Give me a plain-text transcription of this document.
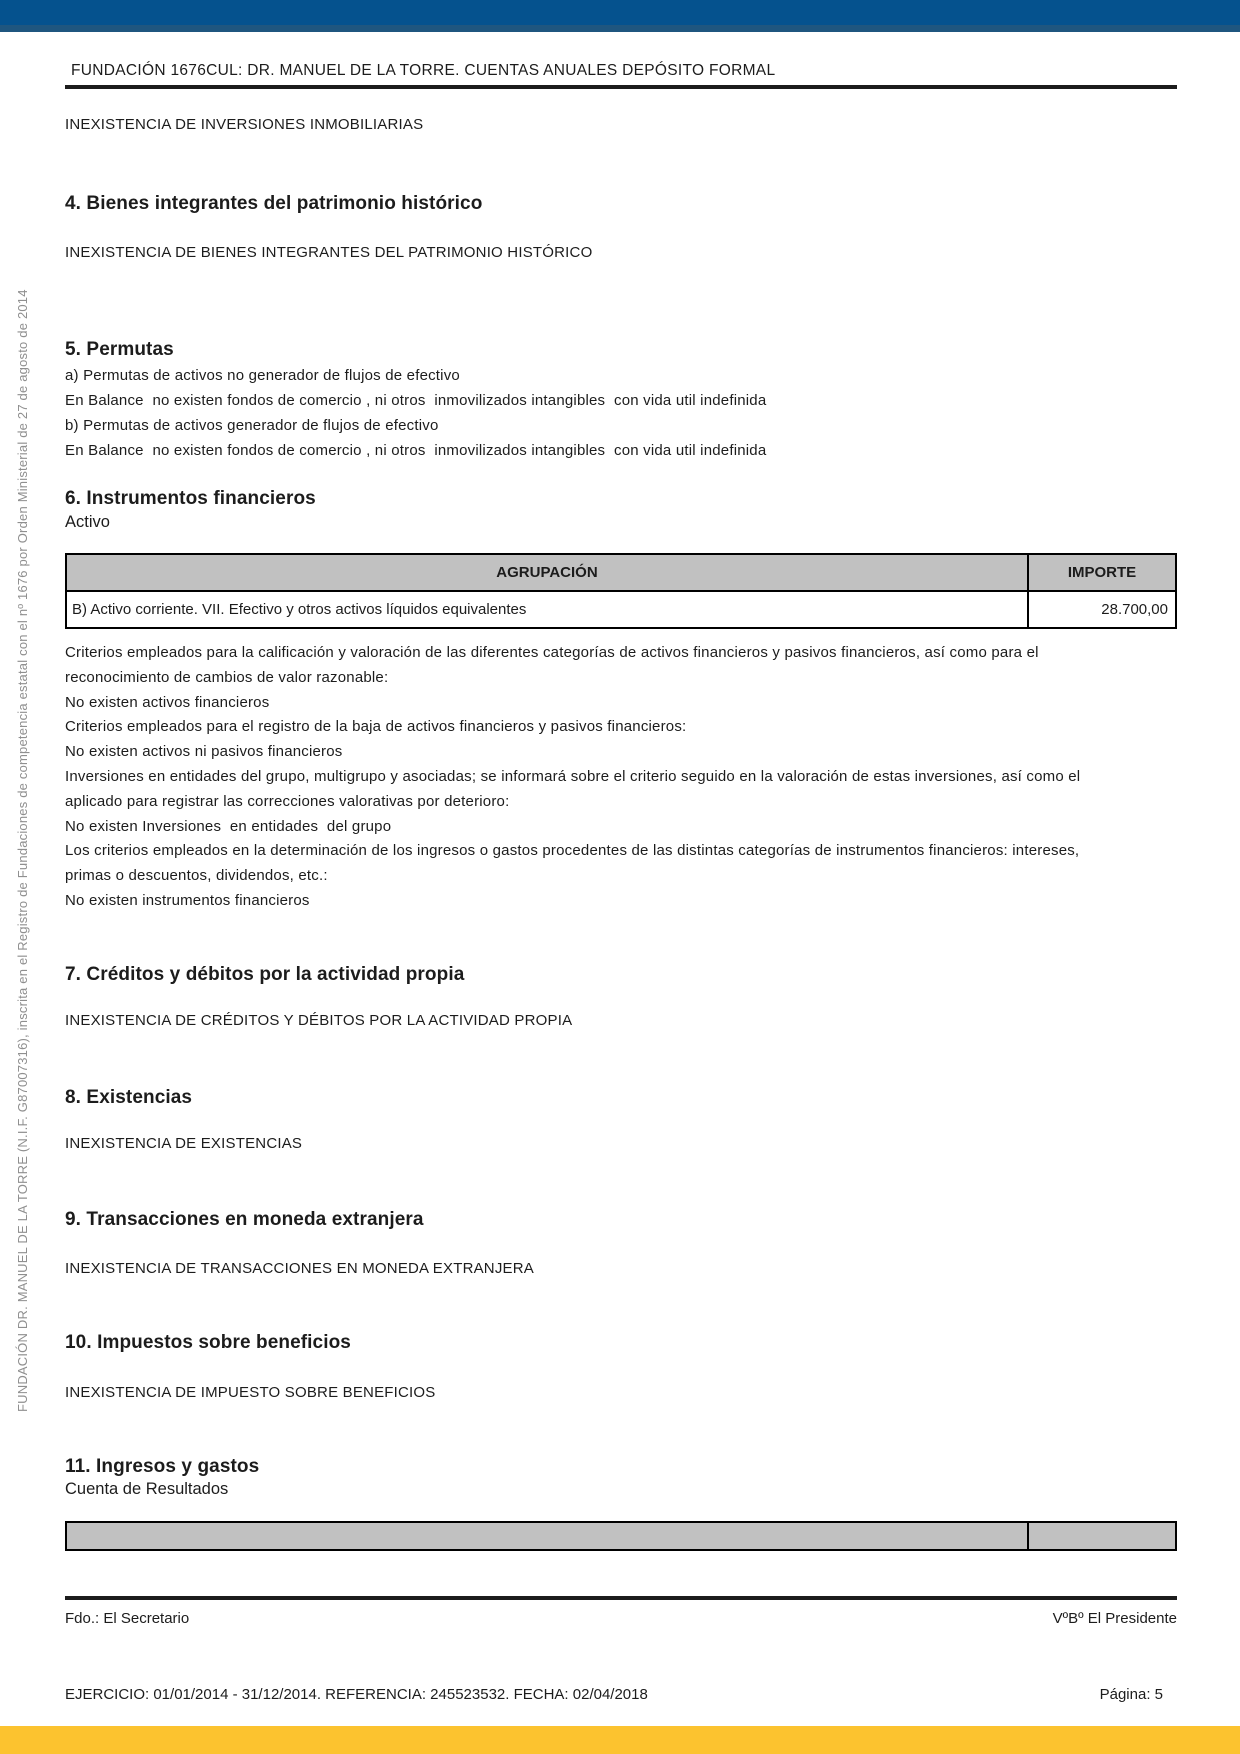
FUNDACIÓN DR. MANUEL DE LA TORRE (N.I.F. G87007316), inscrita en el Registro de Fundaciones de competencia estatal con el nº 1676 por Orden Ministerial de 27 de agosto de 2014
FUNDACIÓN 1676CUL: DR. MANUEL DE LA TORRE. CUENTAS ANUALES DEPÓSITO FORMAL
INEXISTENCIA DE INVERSIONES INMOBILIARIAS
4. Bienes integrantes del patrimonio histórico
INEXISTENCIA DE BIENES INTEGRANTES DEL PATRIMONIO HISTÓRICO
5. Permutas
a) Permutas de activos no generador de flujos de efectivo
En Balance  no existen fondos de comercio , ni otros  inmovilizados intangibles  con vida util indefinida
b) Permutas de activos generador de flujos de efectivo
En Balance  no existen fondos de comercio , ni otros  inmovilizados intangibles  con vida util indefinida
6. Instrumentos financieros
Activo
AGRUPACIÓN	IMPORTE
B) Activo corriente. VII. Efectivo y otros activos líquidos equivalentes	28.700,00
Criterios empleados para la calificación y valoración de las diferentes categorías de activos financieros y pasivos financieros, así como para el
reconocimiento de cambios de valor razonable:
No existen activos financieros
Criterios empleados para el registro de la baja de activos financieros y pasivos financieros:
No existen activos ni pasivos financieros
Inversiones en entidades del grupo, multigrupo y asociadas; se informará sobre el criterio seguido en la valoración de estas inversiones, así como el
aplicado para registrar las correcciones valorativas por deterioro:
No existen Inversiones  en entidades  del grupo
Los criterios empleados en la determinación de los ingresos o gastos procedentes de las distintas categorías de instrumentos financieros: intereses,
primas o descuentos, dividendos, etc.:
No existen instrumentos financieros
7. Créditos y débitos por la actividad propia
INEXISTENCIA DE CRÉDITOS Y DÉBITOS POR LA ACTIVIDAD PROPIA
8. Existencias
INEXISTENCIA DE EXISTENCIAS
9. Transacciones en moneda extranjera
INEXISTENCIA DE TRANSACCIONES EN MONEDA EXTRANJERA
10. Impuestos sobre beneficios
INEXISTENCIA DE IMPUESTO SOBRE BENEFICIOS
11. Ingresos y gastos
Cuenta de Resultados
Fdo.: El Secretario	VºBº El Presidente
EJERCICIO: 01/01/2014 - 31/12/2014. REFERENCIA: 245523532. FECHA: 02/04/2018	Página: 5
